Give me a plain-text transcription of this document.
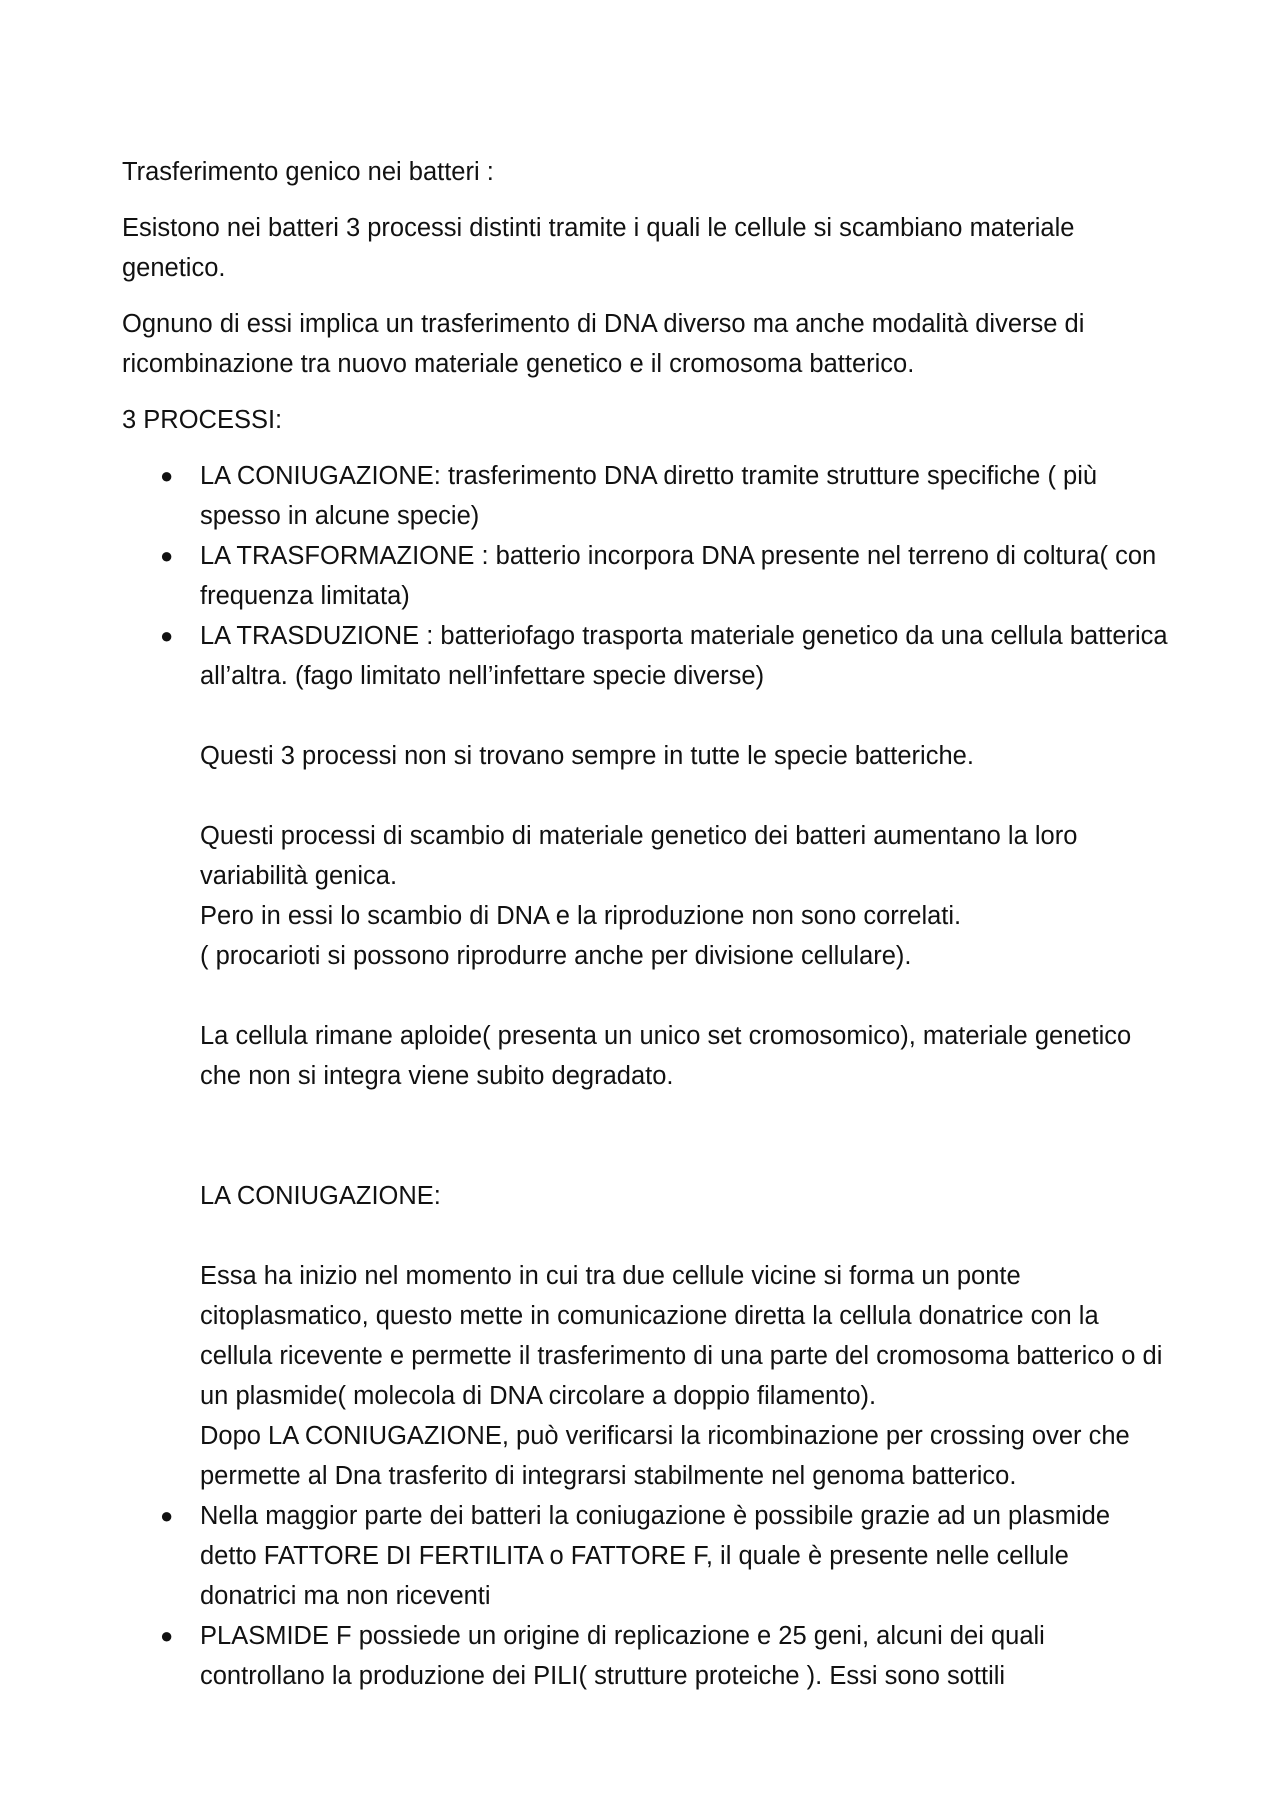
Trasferimento genico nei batteri :

Esistono nei batteri 3 processi distinti tramite i quali le cellule si scambiano materiale genetico.

Ognuno di essi implica un trasferimento di DNA diverso ma anche modalità diverse di ricombinazione tra nuovo materiale genetico e il cromosoma batterico.

3 PROCESSI:

● LA CONIUGAZIONE: trasferimento DNA diretto tramite strutture specifiche ( più spesso in alcune specie)
● LA TRASFORMAZIONE : batterio incorpora DNA presente nel terreno di coltura( con frequenza limitata)
● LA TRASDUZIONE : batteriofago trasporta materiale genetico da una cellula batterica all’altra. (fago limitato nell’infettare specie diverse)
Questi 3 processi non si trovano sempre in tutte le specie batteriche.
Questi processi di scambio di materiale genetico dei batteri aumentano la loro variabilità genica.
Pero in essi lo scambio di DNA e la riproduzione non sono correlati.
( procarioti si possono riprodurre anche per divisione cellulare).
La cellula rimane aploide( presenta un unico set cromosomico), materiale genetico che non si integra viene subito degradato.
LA CONIUGAZIONE:
Essa ha inizio nel momento in cui tra due cellule vicine si forma un ponte citoplasmatico, questo mette in comunicazione diretta la cellula donatrice con la cellula ricevente e permette il trasferimento di una parte del cromosoma batterico o di un plasmide( molecola di DNA circolare a doppio filamento).
Dopo LA CONIUGAZIONE, può verificarsi la ricombinazione per crossing over che permette al Dna trasferito di integrarsi stabilmente nel genoma batterico.
● Nella maggior parte dei batteri la coniugazione è possibile grazie ad un plasmide detto FATTORE DI FERTILITA o FATTORE F, il quale è presente nelle cellule donatrici ma non riceventi
● PLASMIDE F possiede un origine di replicazione e 25 geni, alcuni dei quali controllano la produzione dei PILI( strutture proteiche ). Essi sono sottili
